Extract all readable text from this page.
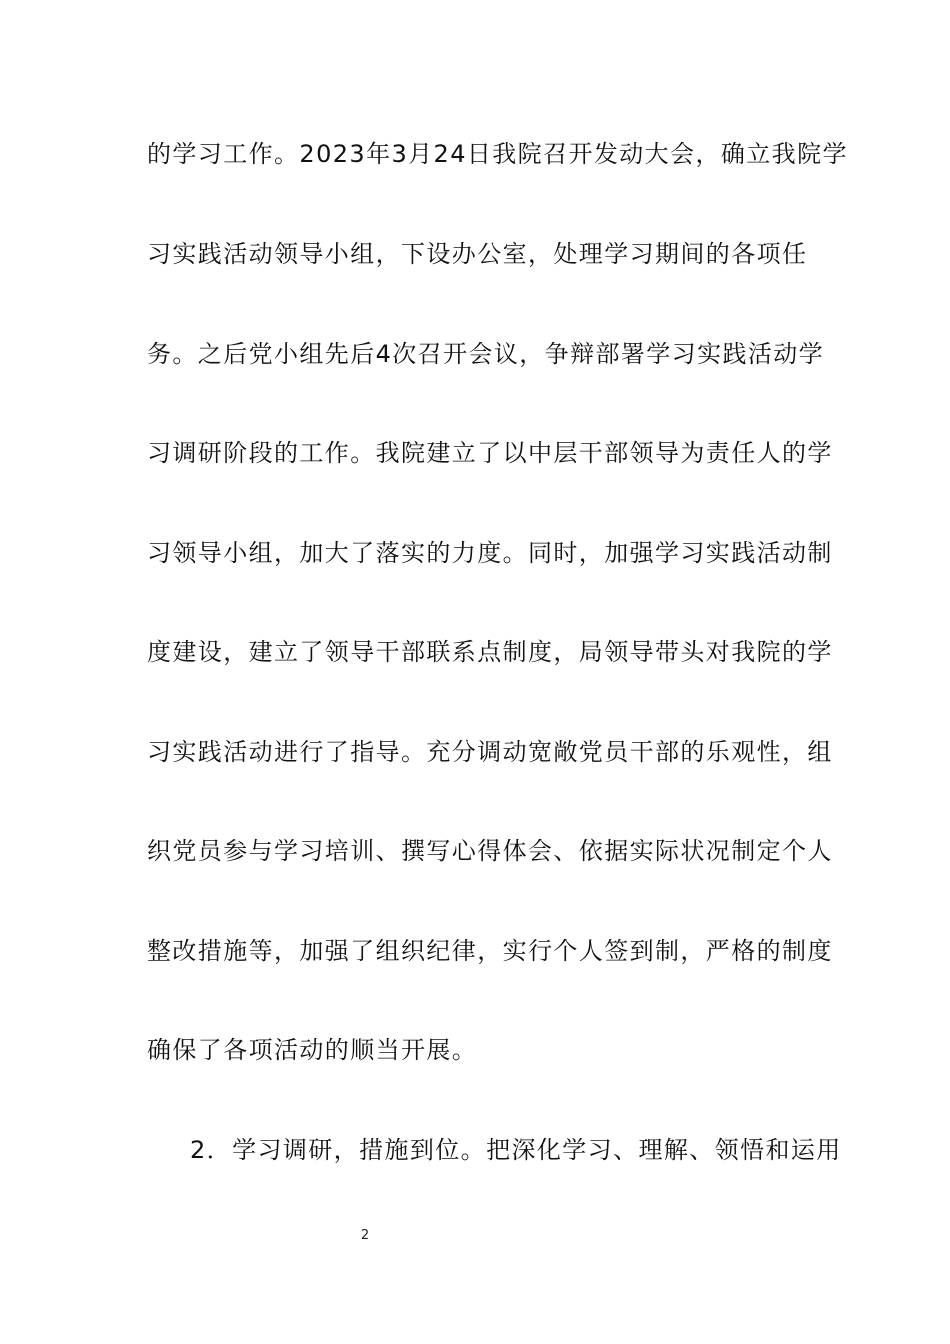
的学习工作。2023年3月24日我院召开发动大会，确立我院学
习实践活动领导小组，下设办公室，处理学习期间的各项任
务。之后党小组先后4次召开会议，争辩部署学习实践活动学
习调研阶段的工作。我院建立了以中层干部领导为责任人的学
习领导小组，加大了落实的力度。同时，加强学习实践活动制
度建设，建立了领导干部联系点制度，局领导带头对我院的学
习实践活动进行了指导。充分调动宽敞党员干部的乐观性，组
织党员参与学习培训、撰写心得体会、依据实际状况制定个人
整改措施等，加强了组织纪律，实行个人签到制，严格的制度
确保了各项活动的顺当开展。
2．学习调研，措施到位。把深化学习、理解、领悟和运用
2
